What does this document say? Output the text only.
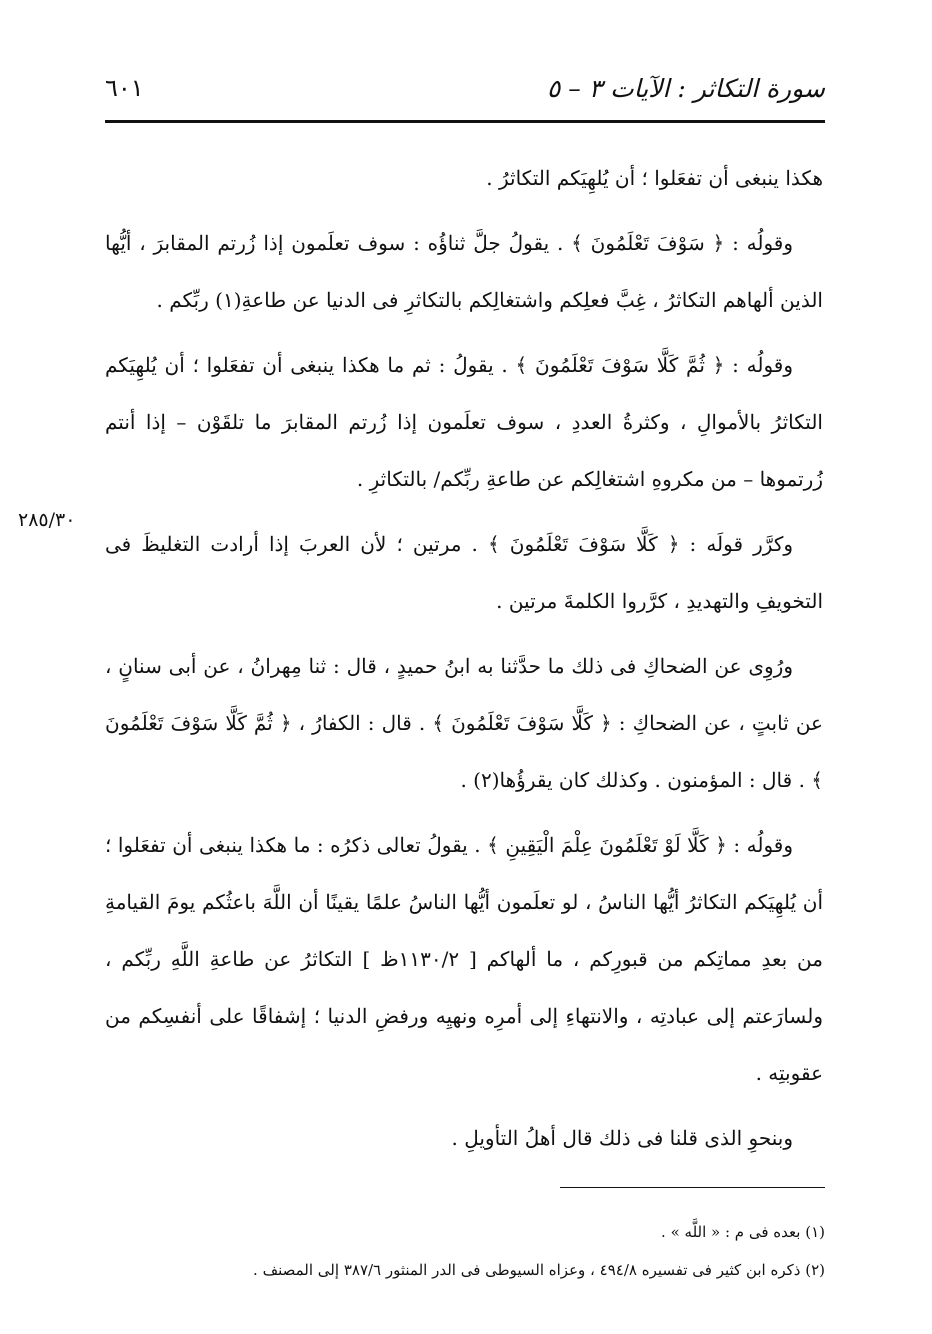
سورة التكاثر : الآيات ٣ – ٥
٦٠١
٢٨٥/٣٠

هكذا ينبغى أن تفعَلوا ؛ أن يُلهِيَكم التكاثرُ .

وقولُه : ﴿ سَوْفَ تَعْلَمُونَ ﴾ . يقولُ جلَّ ثناؤُه : سوف تعلَمون إذا زُرتم المقابرَ ، أيُّها الذين ألهاهم التكاثرُ ، غِبَّ فعلِكم واشتغالِكم بالتكاثرِ فى الدنيا عن طاعةِ(١) ربِّكم .

وقولُه : ﴿ ثُمَّ كَلَّا سَوْفَ تَعْلَمُونَ ﴾ . يقولُ : ثم ما هكذا ينبغى أن تفعَلوا ؛ أن يُلهِيَكم التكاثرُ بالأموالِ ، وكثرةُ العددِ ، سوف تعلَمون إذا زُرتم المقابرَ ما تلقَوْن – إذا أنتم زُرتموها – من مكروهِ اشتغالِكم عن طاعةِ ربِّكم/ بالتكاثرِ .

وكرَّر قولَه : ﴿ كَلَّا سَوْفَ تَعْلَمُونَ ﴾ . مرتين ؛ لأن العربَ إذا أرادت التغليظَ فى التخويفِ والتهديدِ ، كرَّروا الكلمةَ مرتين .

ورُوِى عن الضحاكِ فى ذلك ما حدَّثنا به ابنُ حميدٍ ، قال : ثنا مِهرانُ ، عن أبى سنانٍ ، عن ثابتٍ ، عن الضحاكِ : ﴿ كَلَّا سَوْفَ تَعْلَمُونَ ﴾ . قال : الكفارُ ، ﴿ ثُمَّ كَلَّا سَوْفَ تَعْلَمُونَ ﴾ . قال : المؤمنون . وكذلك كان يقرؤُها(٢) .

وقولُه : ﴿ كَلَّا لَوْ تَعْلَمُونَ عِلْمَ الْيَقِينِ ﴾ . يقولُ تعالى ذكرُه : ما هكذا ينبغى أن تفعَلوا ؛ أن يُلهِيَكم التكاثرُ أيُّها الناسُ ، لو تعلَمون أيُّها الناسُ علمًا يقينًا أن اللَّهَ باعثُكم يومَ القيامةِ من بعدِ مماتِكم من قبورِكم ، ما ألهاكم [ ١١٣٠/٢ظ ] التكاثرُ عن طاعةِ اللَّهِ ربِّكم ، ولسارَعتم إلى عبادتِه ، والانتهاءِ إلى أمرِه ونهيِه ورفضِ الدنيا ؛ إشفاقًا على أنفسِكم من عقوبتِه .

وبنحوِ الذى قلنا فى ذلك قال أهلُ التأويلِ .

(١) بعده فى م : « اللَّه » .

(٢) ذكره ابن كثير فى تفسيره ٤٩٤/٨ ، وعزاه السيوطى فى الدر المنثور ٣٨٧/٦ إلى المصنف .
